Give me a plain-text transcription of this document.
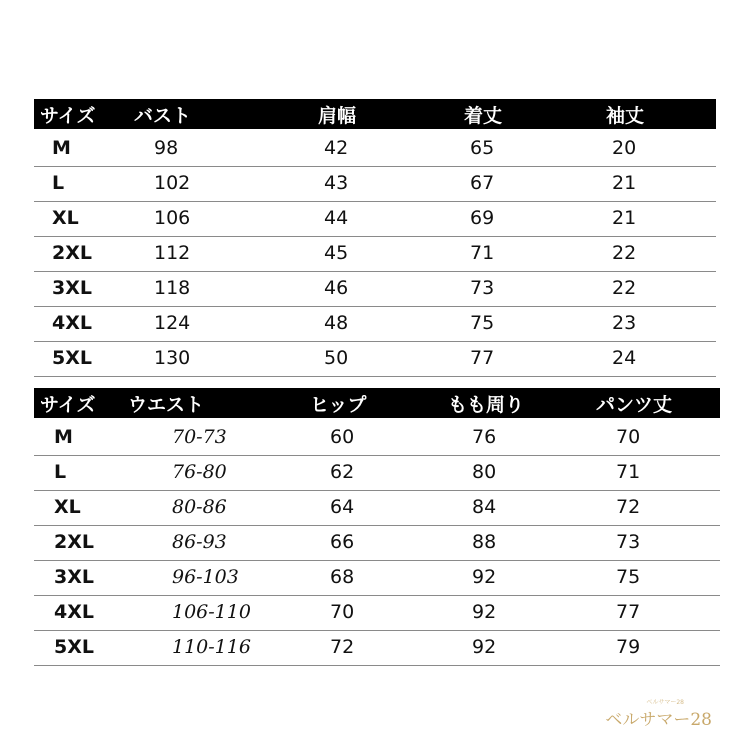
サイズ バスト	肩幅	着丈	袖丈
M	98	42	65	20
L	102	43	67	21
XL	106	44	69	21
2XL	112	45	71	22
3XL	118	46	73	22
4XL	124	48	75	23
5XL	130	50	77	24
サイズ ウエスト	ヒップ	もも周り	パンツ丈
M	70-73	60	76	70
L	76-80	62	80	71
XL	80-86	64	84	72
2XL	86-93	66	88	73
3XL	96-103	68	92	75
4XL	106-110	70	92	77
5XL	110-116	72	92	79
ベルサマー28
ベルサマー28
